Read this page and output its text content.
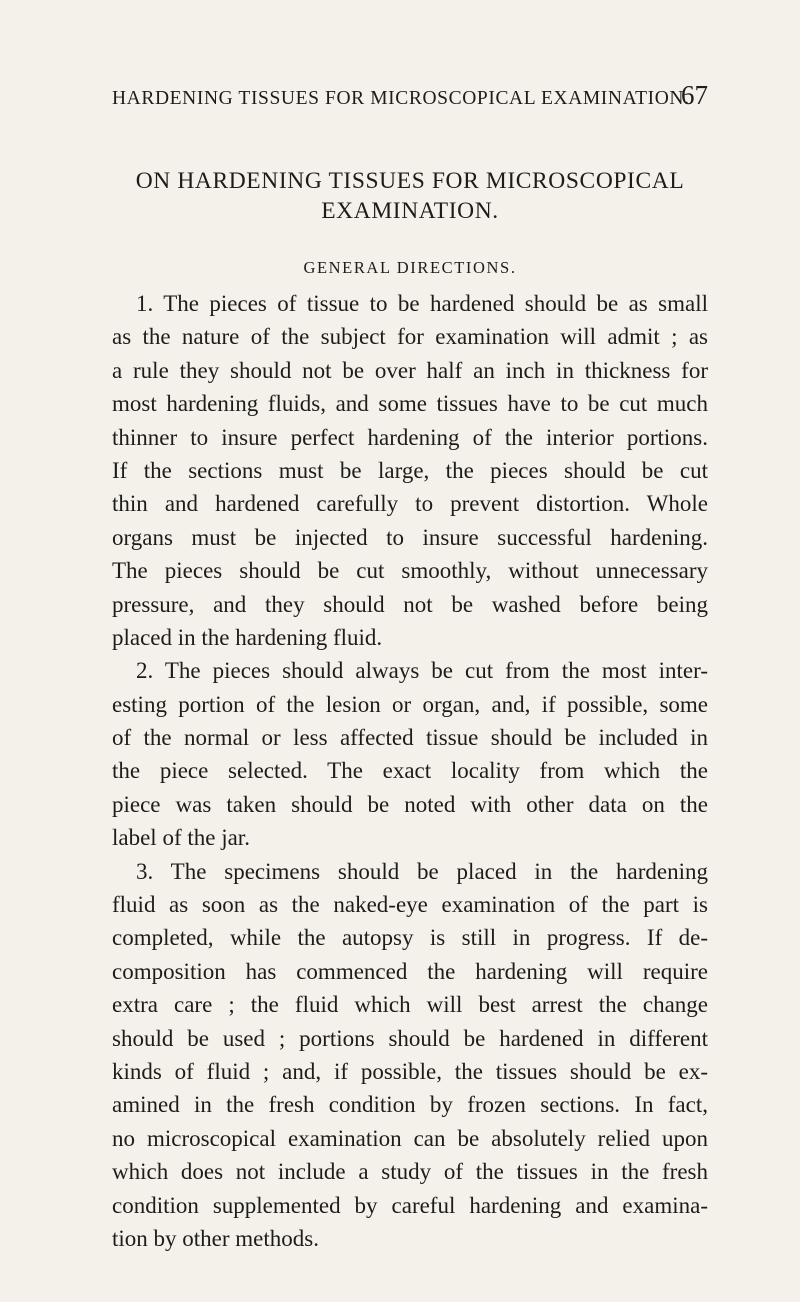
HARDENING TISSUES FOR MICROSCOPICAL EXAMINATION.
67
ON HARDENING TISSUES FOR MICROSCOPICAL
EXAMINATION.
GENERAL DIRECTIONS.
1. The pieces of tissue to be hardened should be as small
as the nature of the subject for examination will admit ; as
a rule they should not be over half an inch in thickness for
most hardening fluids, and some tissues have to be cut much
thinner to insure perfect hardening of the interior portions.
If the sections must be large, the pieces should be cut
thin and hardened carefully to prevent distortion. Whole
organs must be injected to insure successful hardening.
The pieces should be cut smoothly, without unnecessary
pressure, and they should not be washed before being
placed in the hardening fluid.
2. The pieces should always be cut from the most inter-
esting portion of the lesion or organ, and, if possible, some
of the normal or less affected tissue should be included in
the piece selected. The exact locality from which the
piece was taken should be noted with other data on the
label of the jar.
3. The specimens should be placed in the hardening
fluid as soon as the naked-eye examination of the part is
completed, while the autopsy is still in progress. If de-
composition has commenced the hardening will require
extra care ; the fluid which will best arrest the change
should be used ; portions should be hardened in different
kinds of fluid ; and, if possible, the tissues should be ex-
amined in the fresh condition by frozen sections. In fact,
no microscopical examination can be absolutely relied upon
which does not include a study of the tissues in the fresh
condition supplemented by careful hardening and examina-
tion by other methods.
